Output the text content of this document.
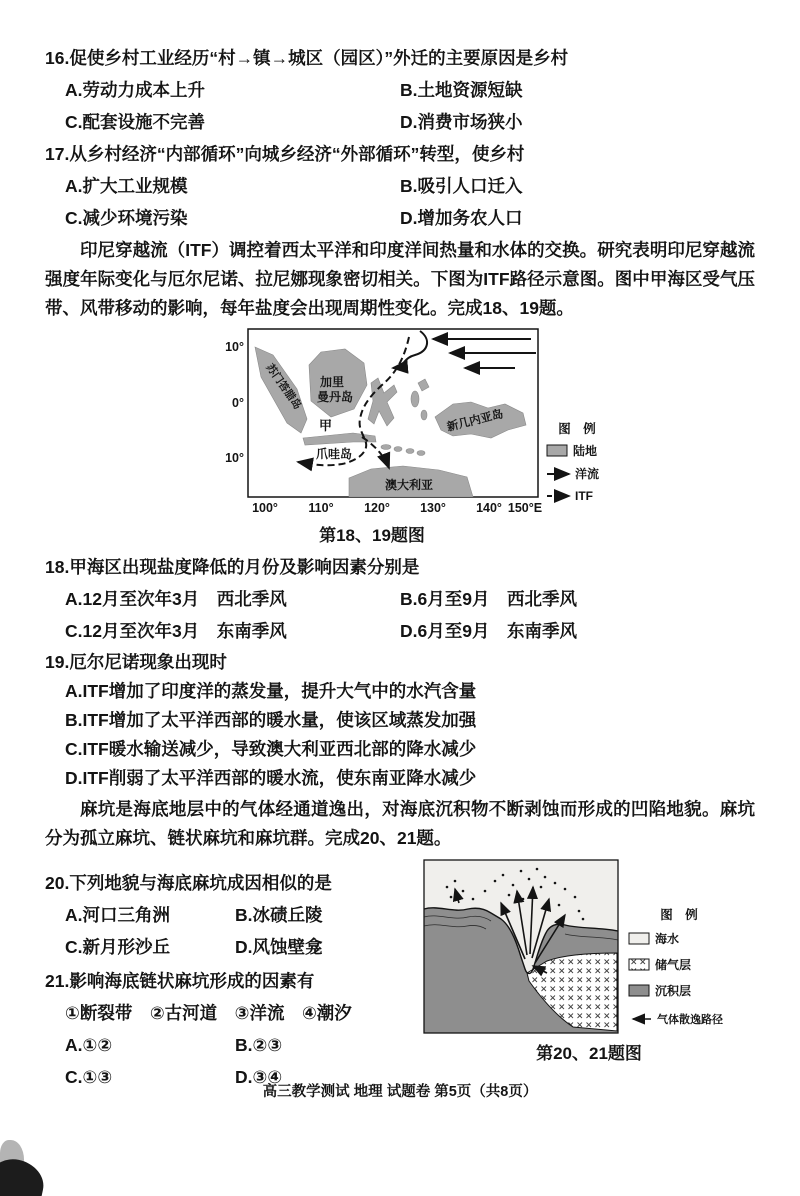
16.促使乡村工业经历“村→镇→城区（园区）”外迁的主要原因是乡村
A.劳动力成本上升	B.土地资源短缺
C.配套设施不完善	D.消费市场狭小
17.从乡村经济“内部循环”向城乡经济“外部循环”转型，使乡村
A.扩大工业规模	B.吸引人口迁入
C.减少环境污染	D.增加务农人口
印尼穿越流（ITF）调控着西太平洋和印度洋间热量和水体的交换。研究表明印尼穿越流强度年际变化与厄尔尼诺、拉尼娜现象密切相关。下图为ITF路径示意图。图中甲海区受气压带、风带移动的影响，每年盐度会出现周期性变化。完成18、19题。
10°
0°
10°
100° 110° 120° 130° 140° 150°E
苏门答腊岛 加里
曼丹岛
甲
爪哇岛
新几内亚岛
澳大利亚
图　例
陆地
洋流
ITF
第18、19题图
18.甲海区出现盐度降低的月份及影响因素分别是
A.12月至次年3月　西北季风	B.6月至9月　西北季风
C.12月至次年3月　东南季风	D.6月至9月　东南季风
19.厄尔尼诺现象出现时
A.ITF增加了印度洋的蒸发量，提升大气中的水汽含量
B.ITF增加了太平洋西部的暖水量，使该区域蒸发加强
C.ITF暖水输送减少，导致澳大利亚西北部的降水减少
D.ITF削弱了太平洋西部的暖水流，使东南亚降水减少
麻坑是海底地层中的气体经通道逸出，对海底沉积物不断剥蚀而形成的凹陷地貌。麻坑分为孤立麻坑、链状麻坑和麻坑群。完成20、21题。
20.下列地貌与海底麻坑成因相似的是
A.河口三角洲	B.冰碛丘陵
C.新月形沙丘	D.风蚀壁龛
21.影响海底链状麻坑形成的因素有
①断裂带　②古河道　③洋流　④潮汐
A.①②	B.②③
C.①③	D.③④
图　例
海水
储气层
沉积层
气体散逸路径
第20、21题图
高三教学测试 地理 试题卷 第5页（共8页）
